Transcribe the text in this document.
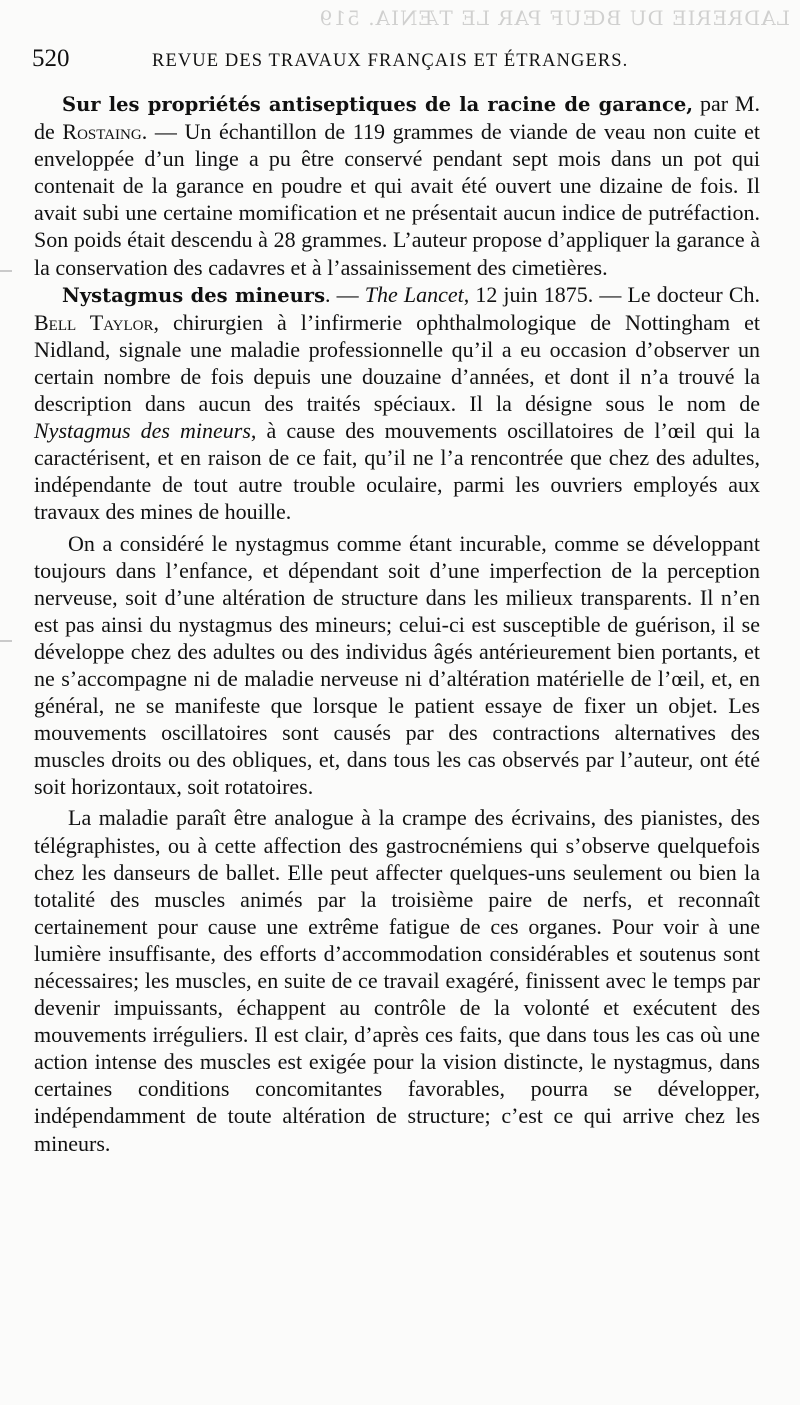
LADRERIE DU BŒUF PAR LE TÆNIA. 519
520	REVUE DES TRAVAUX FRANÇAIS ET ÉTRANGERS.

Sur les propriétés antiseptiques de la racine de garance, par M. de Rostaing. — Un échantillon de 119 grammes de viande de veau non cuite et enveloppée d’un linge a pu être conservé pendant sept mois dans un pot qui contenait de la garance en poudre et qui avait été ouvert une dizaine de fois. Il avait subi une certaine momification et ne présentait aucun indice de putréfaction. Son poids était descendu à 28 grammes. L’auteur propose d’appliquer la garance à la conservation des cadavres et à l’assainissement des cimetières.

Nystagmus des mineurs. — The Lancet, 12 juin 1875. — Le docteur Ch. Bell Taylor, chirurgien à l’infirmerie ophthalmologique de Nottingham et Nidland, signale une maladie professionnelle qu’il a eu occasion d’observer un certain nombre de fois depuis une douzaine d’années, et dont il n’a trouvé la description dans aucun des traités spéciaux. Il la désigne sous le nom de Nystagmus des mineurs, à cause des mouvements oscillatoires de l’œil qui la caractérisent, et en raison de ce fait, qu’il ne l’a rencontrée que chez des adultes, indépendante de tout autre trouble oculaire, parmi les ouvriers employés aux travaux des mines de houille.

On a considéré le nystagmus comme étant incurable, comme se développant toujours dans l’enfance, et dépendant soit d’une imperfection de la perception nerveuse, soit d’une altération de structure dans les milieux transparents. Il n’en est pas ainsi du nystagmus des mineurs; celui-ci est susceptible de guérison, il se développe chez des adultes ou des individus âgés antérieurement bien portants, et ne s’accompagne ni de maladie nerveuse ni d’altération matérielle de l’œil, et, en général, ne se manifeste que lorsque le patient essaye de fixer un objet. Les mouvements oscillatoires sont causés par des contractions alternatives des muscles droits ou des obliques, et, dans tous les cas observés par l’auteur, ont été soit horizontaux, soit rotatoires.

La maladie paraît être analogue à la crampe des écrivains, des pianistes, des télégraphistes, ou à cette affection des gastrocnémiens qui s’observe quelquefois chez les danseurs de ballet. Elle peut affecter quelques-uns seulement ou bien la totalité des muscles animés par la troisième paire de nerfs, et reconnaît certainement pour cause une extrême fatigue de ces organes. Pour voir à une lumière insuffisante, des efforts d’accommodation considérables et soutenus sont nécessaires; les muscles, en suite de ce travail exagéré, finissent avec le temps par devenir impuissants, échappent au contrôle de la volonté et exécutent des mouvements irréguliers. Il est clair, d’après ces faits, que dans tous les cas où une action intense des muscles est exigée pour la vision distincte, le nystagmus, dans certaines conditions concomitantes favorables, pourra se développer, indépendamment de toute altération de structure; c’est ce qui arrive chez les mineurs.
